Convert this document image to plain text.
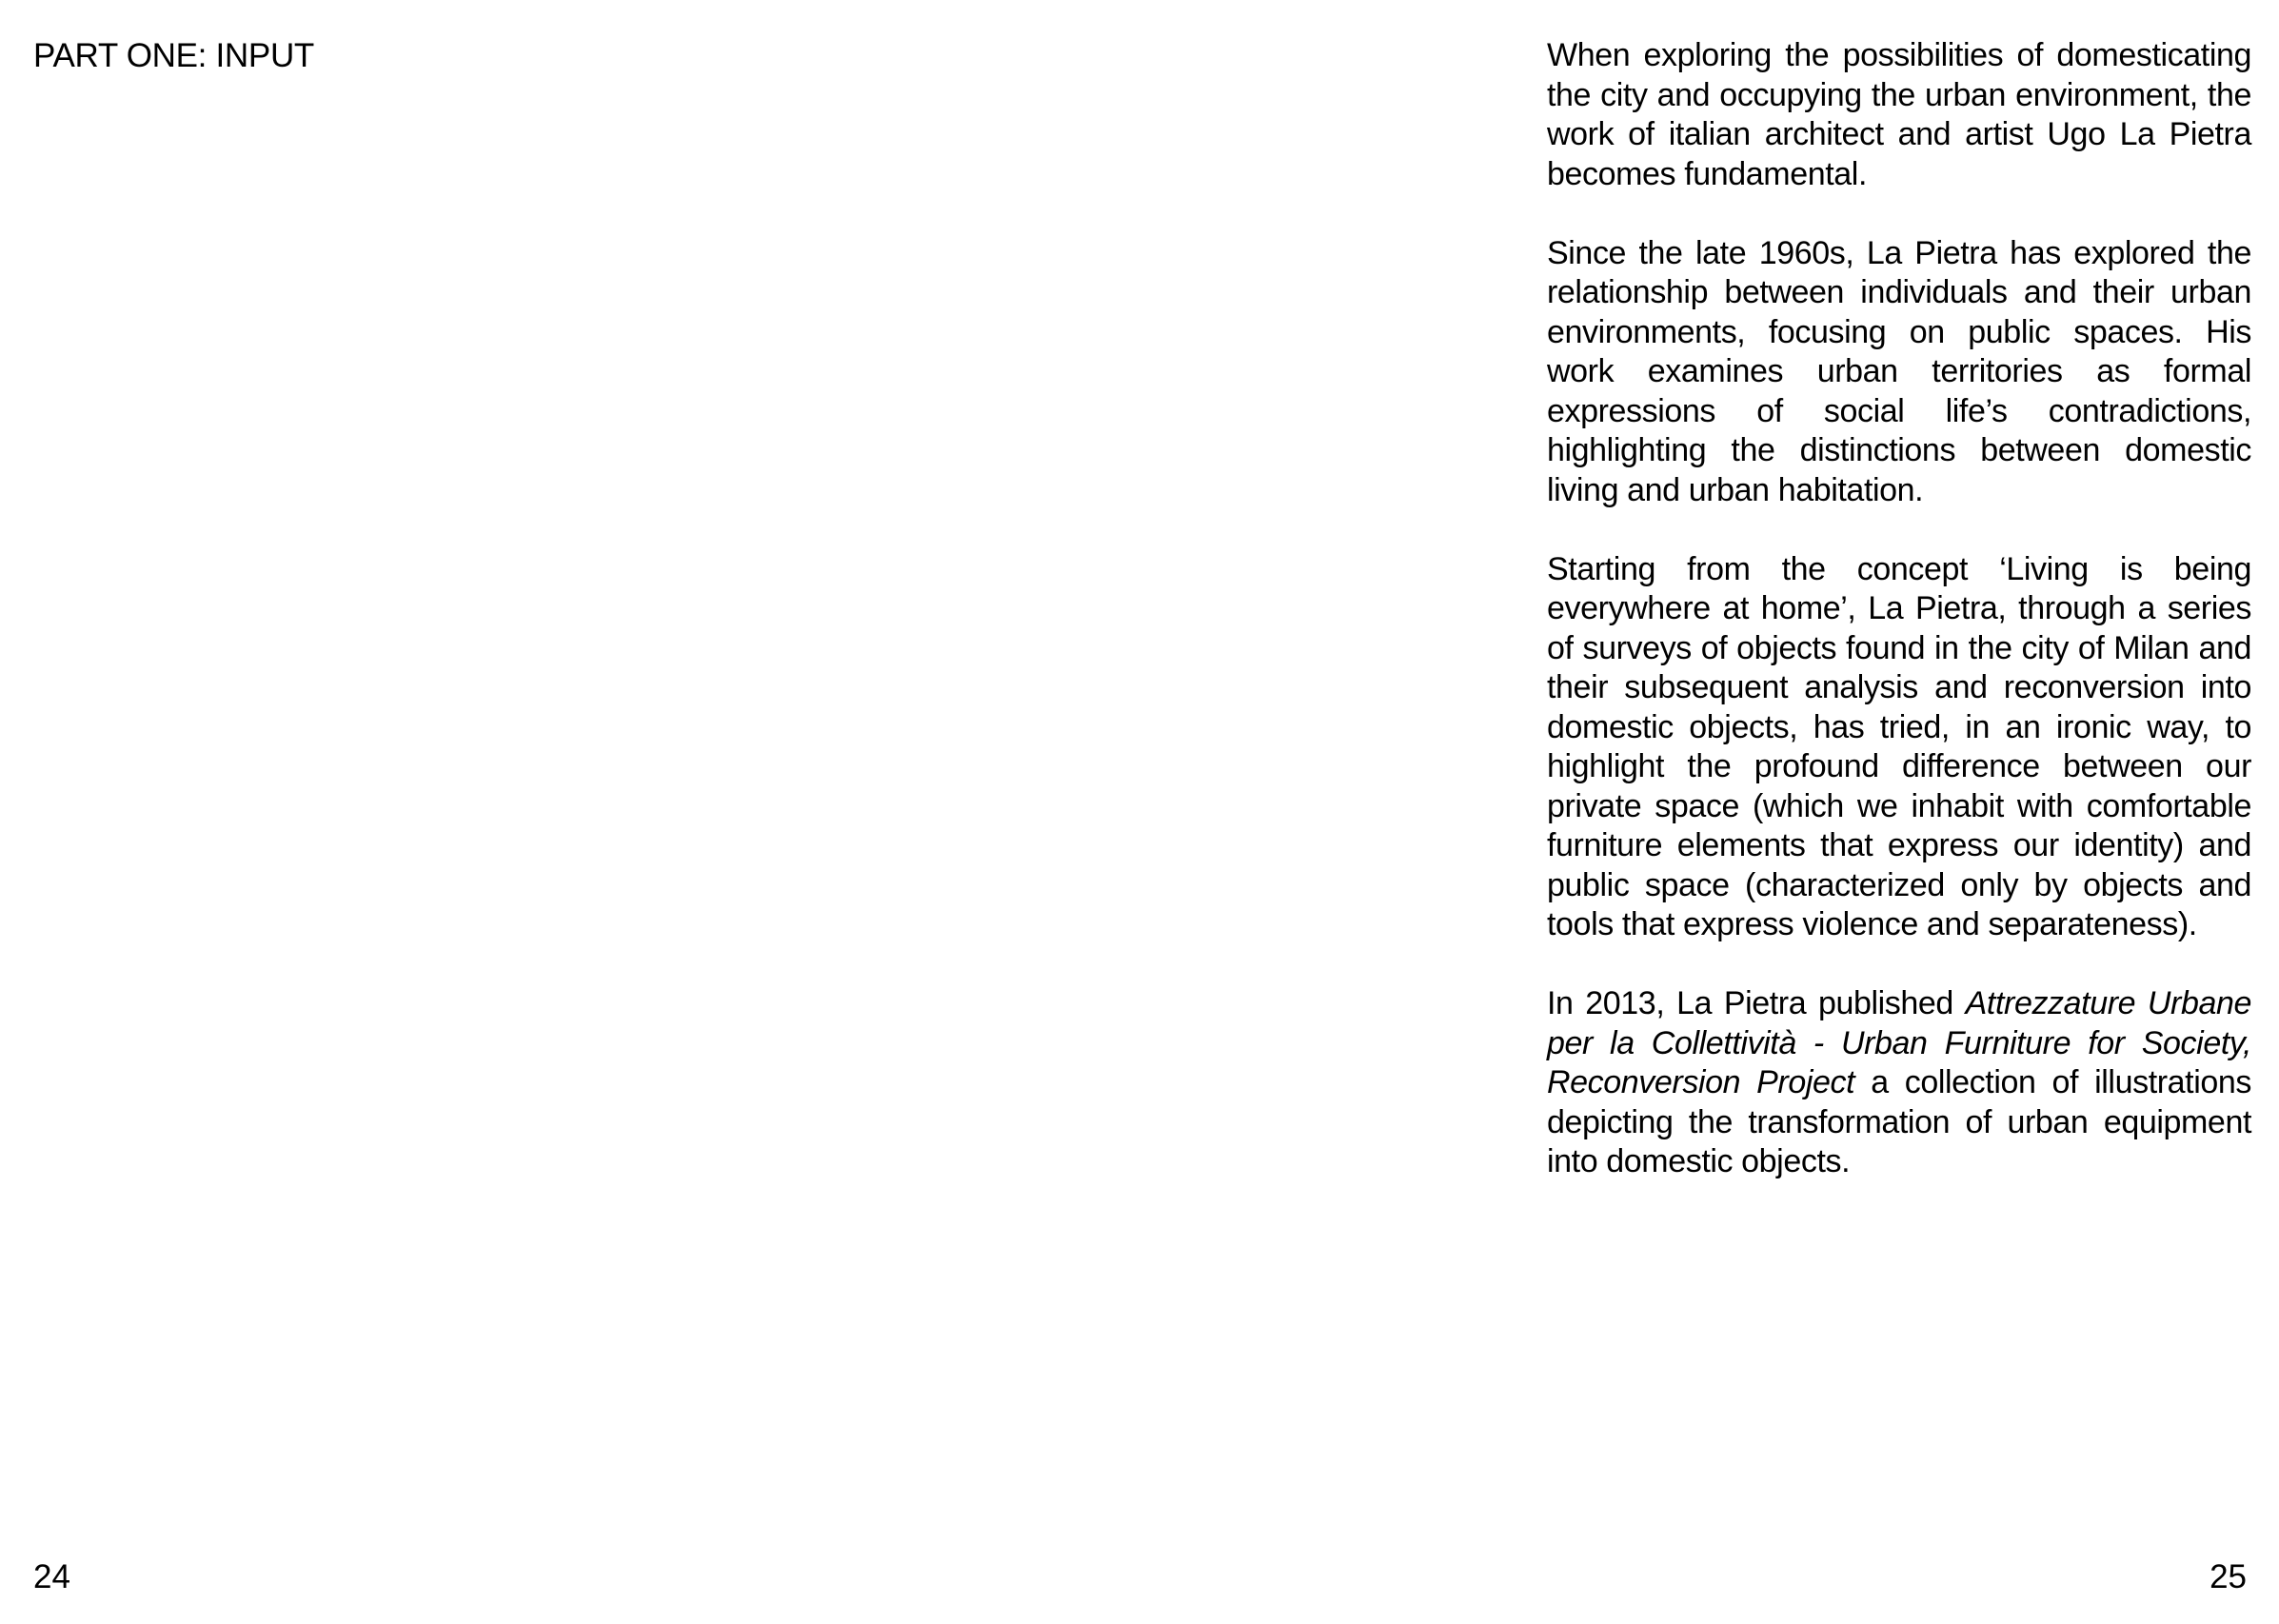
PART ONE: INPUT	When exploring the possibilities of domesticating the city and occupying the urban environment, the work of italian architect and artist Ugo La Pietra becomes fundamental.

Since the late 1960s, La Pietra has explored the relationship between individuals and their urban environments, focusing on public spaces. His work examines urban territories as formal expressions of social life’s contradictions, highlighting the distinctions between domestic living and urban habitation.

Starting from the concept ‘Living is being everywhere at home’, La Pietra, through a series of surveys of objects found in the city of Milan and their subsequent analysis and reconversion into domestic objects, has tried, in an ironic way, to highlight the profound difference between our private space (which we inhabit with comfortable furniture elements that express our identity) and public space (characterized only by objects and tools that express violence and separateness).

In 2013, La Pietra published Attrezzature Urbane per la Collettività - Urban Furniture for Society, Reconversion Project a collection of illustrations depicting the transformation of urban equipment into domestic objects.

24	25
